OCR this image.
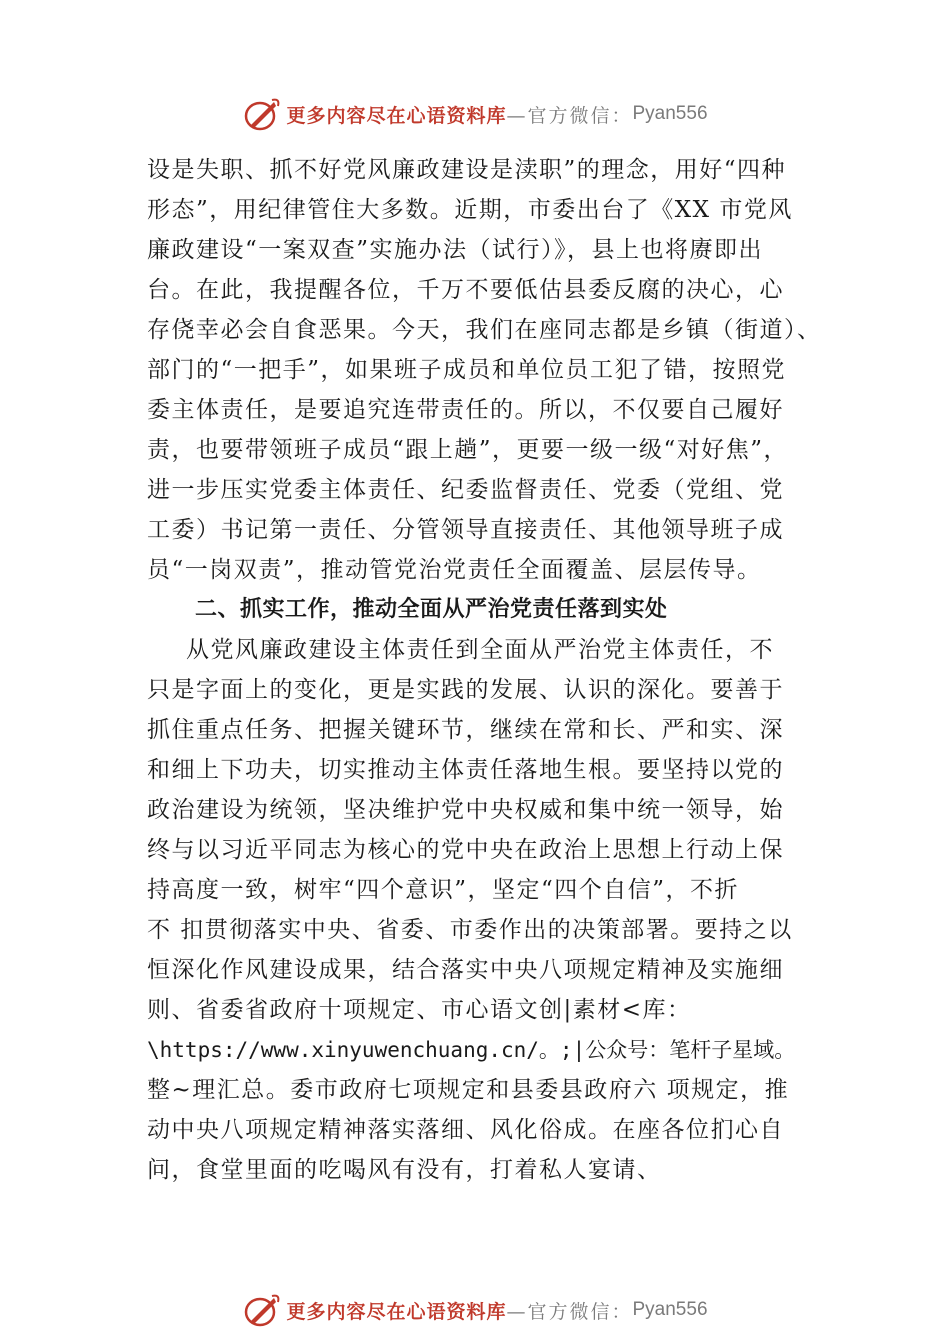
更多内容尽在心语资料库 —官方微信： Pyan556
设是失职、抓不好党风廉政建设是渎职”的理念，用好“四种
形态”，用纪律管住大多数。近期，市委出台了《XX 市党风
廉政建设“一案双查”实施办法（试行）》，县上也将赓即出
台。在此，我提醒各位，千万不要低估县委反腐的决心，心
存侥幸必会自食恶果。今天，我们在座同志都是乡镇（街道）、
部门的“一把手”，如果班子成员和单位员工犯了错，按照党
委主体责任，是要追究连带责任的。所以，不仅要自己履好
责，也要带领班子成员“跟上趟”，更要一级一级“对好焦”，
进一步压实党委主体责任、纪委监督责任、党委（党组、党
工委）书记第一责任、分管领导直接责任、其他领导班子成
员“一岗双责”，推动管党治党责任全面覆盖、层层传导。
二、抓实工作，推动全面从严治党责任落到实处
　　从党风廉政建设主体责任到全面从严治党主体责任，不
只是字面上的变化，更是实践的发展、认识的深化。要善于
抓住重点任务、把握关键环节，继续在常和长、严和实、深
和细上下功夫，切实推动主体责任落地生根。要坚持以党的
政治建设为统领，坚决维护党中央权威和集中统一领导，始
终与以习近平同志为核心的党中央在政治上思想上行动上保
持高度一致，树牢“四个意识”，坚定“四个自信”，不折
不 扣贯彻落实中央、省委、市委作出的决策部署。要持之以
恒深化作风建设成果，结合落实中央八项规定精神及实施细
则、省委省政府十项规定、市心语文创|素材<库：
\https://www.xinyuwenchuang.cn/。;|公众号：笔杆子星域。
整~理汇总。委市政府七项规定和县委县政府六 项规定，推
动中央八项规定精神落实落细、风化俗成。在座各位扪心自
问，食堂里面的吃喝风有没有，打着私人宴请、
更多内容尽在心语资料库 —官方微信： Pyan556
